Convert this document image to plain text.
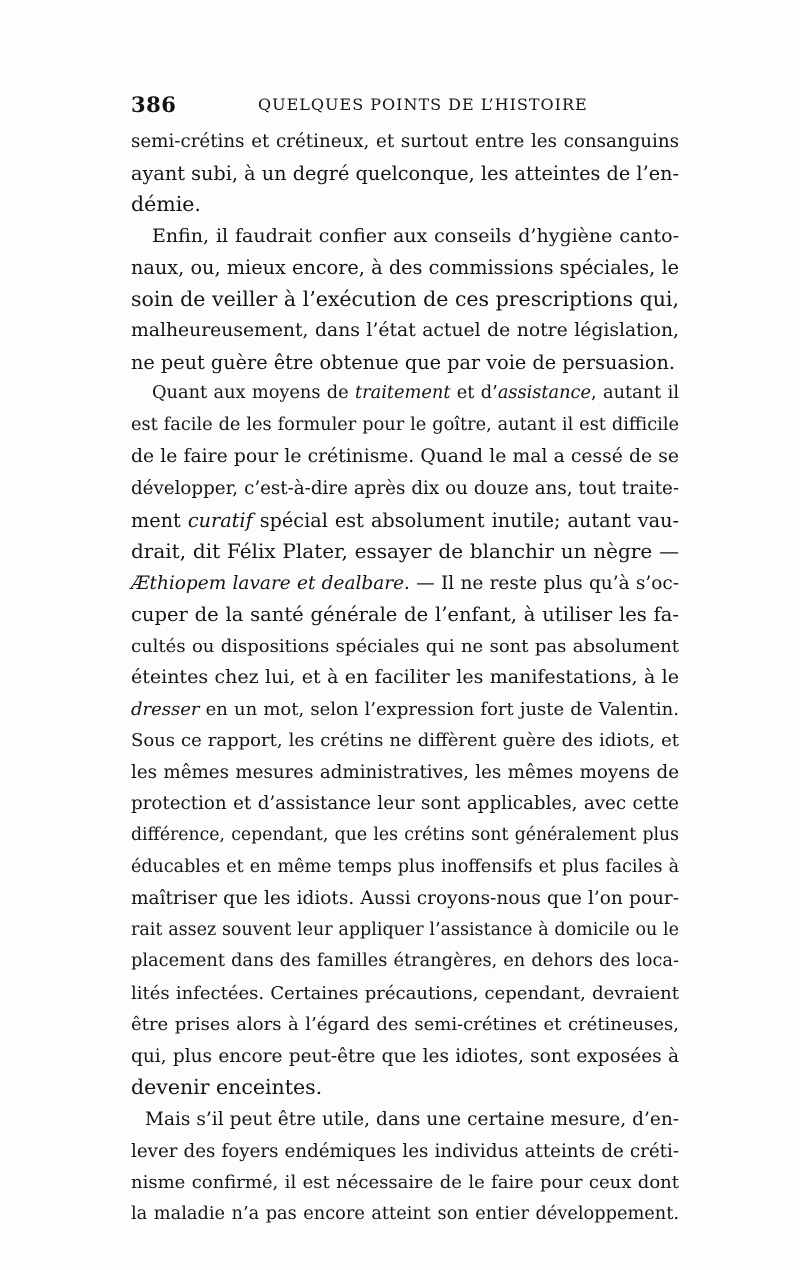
386	QUELQUES POINTS DE L’HISTOIRE
semi-crétins et crétineux, et surtout entre les consanguins
ayant subi, à un degré quelconque, les atteintes de l’en-
démie.
Enfin, il faudrait confier aux conseils d’hygiène canto-
naux, ou, mieux encore, à des commissions spéciales, le
soin de veiller à l’exécution de ces prescriptions qui,
malheureusement, dans l’état actuel de notre législation,
ne peut guère être obtenue que par voie de persuasion.
Quant aux moyens de traitement et d’assistance, autant il
est facile de les formuler pour le goître, autant il est difficile
de le faire pour le crétinisme. Quand le mal a cessé de se
développer, c’est-à-dire après dix ou douze ans, tout traite-
ment curatif spécial est absolument inutile; autant vau-
drait, dit Félix Plater, essayer de blanchir un nègre —
Æthiopem lavare et dealbare. — Il ne reste plus qu’à s’oc-
cuper de la santé générale de l’enfant, à utiliser les fa-
cultés ou dispositions spéciales qui ne sont pas absolument
éteintes chez lui, et à en faciliter les manifestations, à le
dresser en un mot, selon l’expression fort juste de Valentin.
Sous ce rapport, les crétins ne diffèrent guère des idiots, et
les mêmes mesures administratives, les mêmes moyens de
protection et d’assistance leur sont applicables, avec cette
différence, cependant, que les crétins sont généralement plus
éducables et en même temps plus inoffensifs et plus faciles à
maîtriser que les idiots. Aussi croyons-nous que l’on pour-
rait assez souvent leur appliquer l’assistance à domicile ou le
placement dans des familles étrangères, en dehors des loca-
lités infectées. Certaines précautions, cependant, devraient
être prises alors à l’égard des semi-crétines et crétineuses,
qui, plus encore peut-être que les idiotes, sont exposées à
devenir enceintes.
Mais s’il peut être utile, dans une certaine mesure, d’en-
lever des foyers endémiques les individus atteints de créti-
nisme confirmé, il est nécessaire de le faire pour ceux dont
la maladie n’a pas encore atteint son entier développement.
